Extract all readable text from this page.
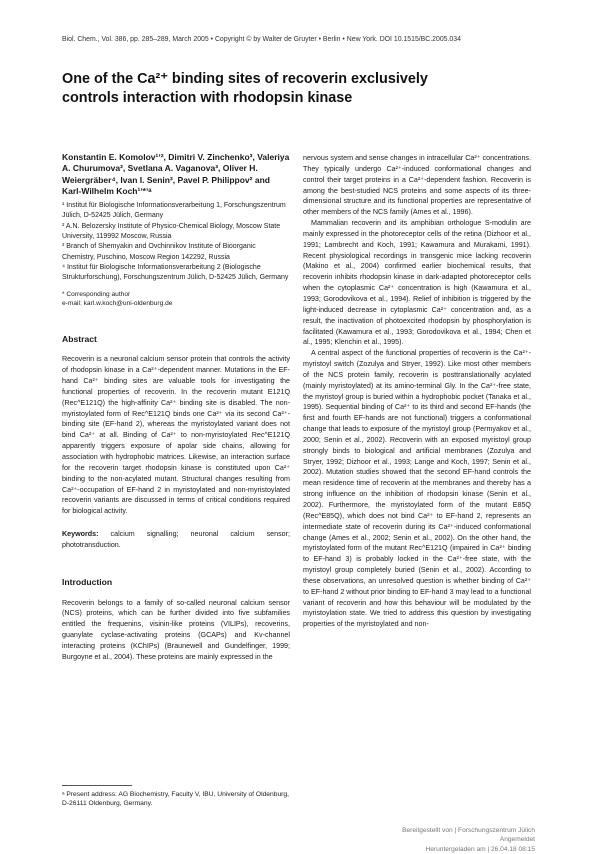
Biol. Chem., Vol. 386, pp. 285–289, March 2005 • Copyright © by Walter de Gruyter • Berlin • New York. DOI 10.1515/BC.2005.034
One of the Ca²⁺ binding sites of recoverin exclusively
controls interaction with rhodopsin kinase

Konstantin E. Komolov¹ʼ², Dimitri V. Zinchenko³, Valeriya A. Churumova², Svetlana A. Vaganova³, Oliver H. Weiergräber⁴, Ivan I. Senin², Pavel P. Philippov² and Karl-Wilhelm Koch¹ʼ*ʼᵃ

¹ Institut für Biologische Informationsverarbeitung 1, Forschungszentrum Jülich, D-52425 Jülich, Germany

² A.N. Belozersky Institute of Physico-Chemical Biology, Moscow State University, 119992 Moscow, Russia

³ Branch of Shemyakin and Ovchinnikov Institute of Bioorganic Chemistry, Puschino, Moscow Region 142292, Russia

⁴ Institut für Biologische Informationsverarbeitung 2 (Biologische Strukturforschung), Forschungszentrum Jülich, D-52425 Jülich, Germany

* Corresponding author
e-mail: karl.w.koch@uni-oldenburg.de
Abstract

Recoverin is a neuronal calcium sensor protein that controls the activity of rhodopsin kinase in a Ca²⁺-dependent manner. Mutations in the EF-hand Ca²⁺ binding sites are valuable tools for investigating the functional properties of recoverin. In the recoverin mutant E121Q (Rec^E121Q) the high-affinity Ca²⁺ binding site is disabled. The non-myristoylated form of Rec^E121Q binds one Ca²⁺ via its second Ca²⁺-binding site (EF-hand 2), whereas the myristoylated variant does not bind Ca²⁺ at all. Binding of Ca²⁺ to non-myristoylated Rec^E121Q apparently triggers exposure of apolar side chains, allowing for association with hydrophobic matrices. Likewise, an interaction surface for the recoverin target rhodopsin kinase is constituted upon Ca²⁺ binding to the non-acylated mutant. Structural changes resulting from Ca²⁺-occupation of EF-hand 2 in myristoylated and non-myristoylated recoverin variants are discussed in terms of critical conditions required for biological activity.

Keywords: calcium signalling; neuronal calcium sensor; phototransduction.

Introduction

Recoverin belongs to a family of so-called neuronal calcium sensor (NCS) proteins, which can be further divided into five subfamilies entitled the frequenins, visinin-like proteins (VILIPs), recoverins, guanylate cyclase-activating proteins (GCAPs) and Kv-channel interacting proteins (KChIPs) (Braunewell and Gundelfinger, 1999; Burgoyne et al., 2004). These proteins are mainly expressed in the

nervous system and sense changes in intracellular Ca²⁺ concentrations. They typically undergo Ca²⁺-induced conformational changes and control their target proteins in a Ca²⁺-dependent fashion. Recoverin is among the best-studied NCS proteins and some aspects of its three-dimensional structure and its functional properties are representative of other members of the NCS family (Ames et al., 1996).

Mammalian recoverin and its amphibian orthologue S-modulin are mainly expressed in the photoreceptor cells of the retina (Dizhoor et al., 1991; Lambrecht and Koch, 1991; Kawamura and Murakami, 1991). Recent physiological recordings in transgenic mice lacking recoverin (Makino et al., 2004) confirmed earlier biochemical results, that recoverin inhibits rhodopsin kinase in dark-adapted photoreceptor cells when the cytoplasmic Ca²⁺ concentration is high (Kawamura et al., 1993; Gorodovikova et al., 1994). Relief of inhibition is triggered by the light-induced decrease in cytoplasmic Ca²⁺ concentration and, as a result, the inactivation of photoexcited rhodopsin by phosphorylation is facilitated (Kawamura et al., 1993; Gorodovikova et al., 1994; Chen et al., 1995; Klenchin et al., 1995).

A central aspect of the functional properties of recoverin is the Ca²⁺-myristoyl switch (Zozulya and Stryer, 1992). Like most other members of the NCS protein family, recoverin is posttranslationally acylated (mainly myristoylated) at its amino-terminal Gly. In the Ca²⁺-free state, the myristoyl group is buried within a hydrophobic pocket (Tanaka et al., 1995). Sequential binding of Ca²⁺ to its third and second EF-hands (the first and fourth EF-hands are not functional) triggers a conformational change that leads to exposure of the myristoyl group (Permyakov et al., 2000; Senin et al., 2002). Recoverin with an exposed myristoyl group strongly binds to biological and artificial membranes (Zozulya and Stryer, 1992; Dizhoor et al., 1993; Lange and Koch, 1997; Senin et al., 2002). Mutation studies showed that the second EF-hand controls the mean residence time of recoverin at the membranes and thereby has a strong influence on the inhibition of rhodopsin kinase (Senin et al., 2002). Furthermore, the myristoylated form of the mutant E85Q (Rec^E85Q), which does not bind Ca²⁺ to EF-hand 2, represents an intermediate state of recoverin during its Ca²⁺-induced conformational change (Ames et al., 2002; Senin et al., 2002). On the other hand, the myristoylated form of the mutant Rec^E121Q (impaired in Ca²⁺ binding to EF-hand 3) is probably locked in the Ca²⁺-free state, with the myristoyl group completely buried (Senin et al., 2002). According to these observations, an unresolved question is whether binding of Ca²⁺ to EF-hand 2 without prior binding to EF-hand 3 may lead to a functional variant of recoverin and how this behaviour will be modulated by the myristoylation state. We tried to address this question by investigating properties of the myristoylated and non-

ᵃ Present address: AG Biochemistry, Faculty V, IBU, University of Oldenburg, D-26111 Oldenburg, Germany.
Bereitgestellt von | Forschungszentrum Jülich
Angemeldet
Heruntergeladen am | 26.04.18 08:15
